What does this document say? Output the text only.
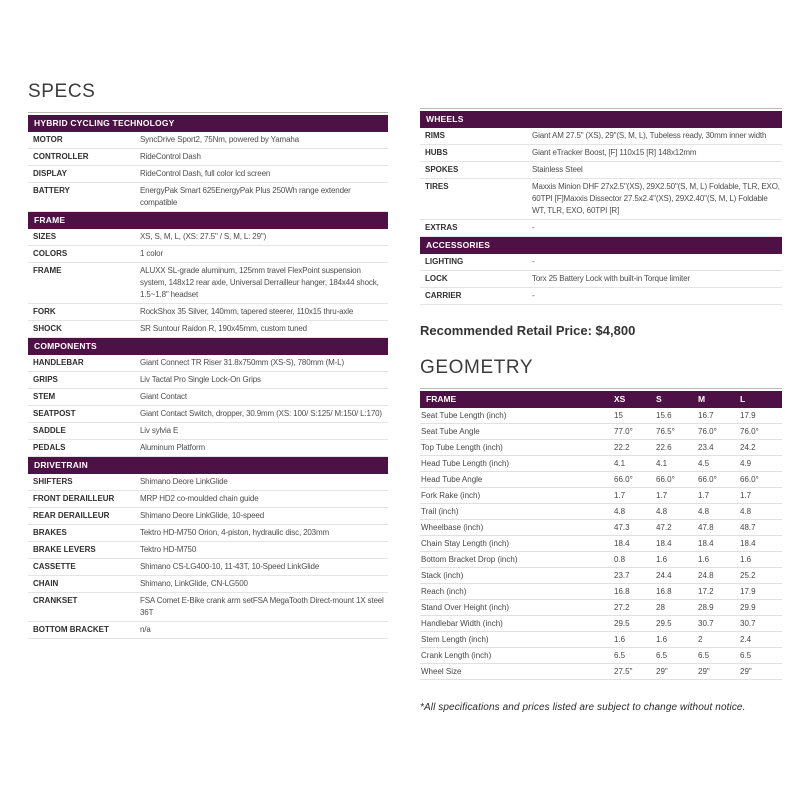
SPECS
HYBRID CYCLING TECHNOLOGY
MOTOR	SyncDrive Sport2, 75Nm, powered by Yamaha
CONTROLLER	RideControl Dash
DISPLAY	RideControl Dash, full color lcd screen
BATTERY	EnergyPak Smart 625EnergyPak Plus 250Wh range extender compatible
FRAME
SIZES	XS, S, M, L, (XS: 27.5" / S, M, L: 29")
COLORS	1 color
FRAME	ALUXX SL-grade aluminum, 125mm travel FlexPoint suspension system, 148x12 rear axle, Universal Derrailleur hanger, 184x44 shock, 1.5~1.8" headset
FORK	RockShox 35 Silver, 140mm, tapered steerer, 110x15 thru-axle
SHOCK	SR Suntour Raidon R, 190x45mm, custom tuned
COMPONENTS
HANDLEBAR	Giant Connect TR Riser 31.8x750mm (XS-S), 780mm (M-L)
GRIPS	Liv Tactal Pro Single Lock-On Grips
STEM	Giant Contact
SEATPOST	Giant Contact Switch, dropper, 30.9mm (XS: 100/ S:125/ M:150/ L:170)
SADDLE	Liv sylvia E
PEDALS	Aluminum Platform
DRIVETRAIN
SHIFTERS	Shimano Deore LinkGlide
FRONT DERAILLEUR	MRP HD2 co-moulded chain guide
REAR DERAILLEUR	Shimano Deore LinkGlide, 10-speed
BRAKES	Tektro HD-M750 Orion, 4-piston, hydraulic disc, 203mm
BRAKE LEVERS	Tektro HD-M750
CASSETTE	Shimano CS-LG400-10, 11-43T, 10-Speed LinkGlide
CHAIN	Shimano, LinkGlide, CN-LG500
CRANKSET	FSA Comet E-Bike crank arm setFSA MegaTooth Direct-mount 1X steel 36T
BOTTOM BRACKET	n/a
WHEELS
RIMS	Giant AM 27.5" (XS), 29"(S, M, L), Tubeless ready, 30mm inner width
HUBS	Giant eTracker Boost, [F] 110x15 [R] 148x12mm
SPOKES	Stainless Steel
TIRES	Maxxis Minion DHF 27x2.5"(XS), 29X2.50"(S, M, L) Foldable, TLR, EXO, 60TPI [F]Maxxis Dissector 27.5x2.4"(XS), 29X2.40"(S, M, L) Foldable WT, TLR, EXO, 60TPI [R]
EXTRAS	-
ACCESSORIES
LIGHTING	-
LOCK	Torx 25 Battery Lock with built-in Torque limiter
CARRIER	-
Recommended Retail Price: $4,800
GEOMETRY
FRAME	XS	S	M	L
Seat Tube Length (inch)	15	15.6	16.7	17.9
Seat Tube Angle	77.0°	76.5°	76.0°	76.0°
Top Tube Length (inch)	22.2	22.6	23.4	24.2
Head Tube Length (inch)	4.1	4.1	4.5	4.9
Head Tube Angle	66.0°	66.0°	66.0°	66.0°
Fork Rake (inch)	1.7	1.7	1.7	1.7
Trail (inch)	4.8	4.8	4.8	4.8
Wheelbase (inch)	47.3	47.2	47.8	48.7
Chain Stay Length (inch)	18.4	18.4	18.4	18.4
Bottom Bracket Drop (inch)	0.8	1.6	1.6	1.6
Stack (inch)	23.7	24.4	24.8	25.2
Reach (inch)	16.8	16.8	17.2	17.9
Stand Over Height (inch)	27.2	28	28.9	29.9
Handlebar Width (inch)	29.5	29.5	30.7	30.7
Stem Length (inch)	1.6	1.6	2	2.4
Crank Length (inch)	6.5	6.5	6.5	6.5
Wheel Size	27.5"	29"	29"	29"
*All specifications and prices listed are subject to change without notice.
